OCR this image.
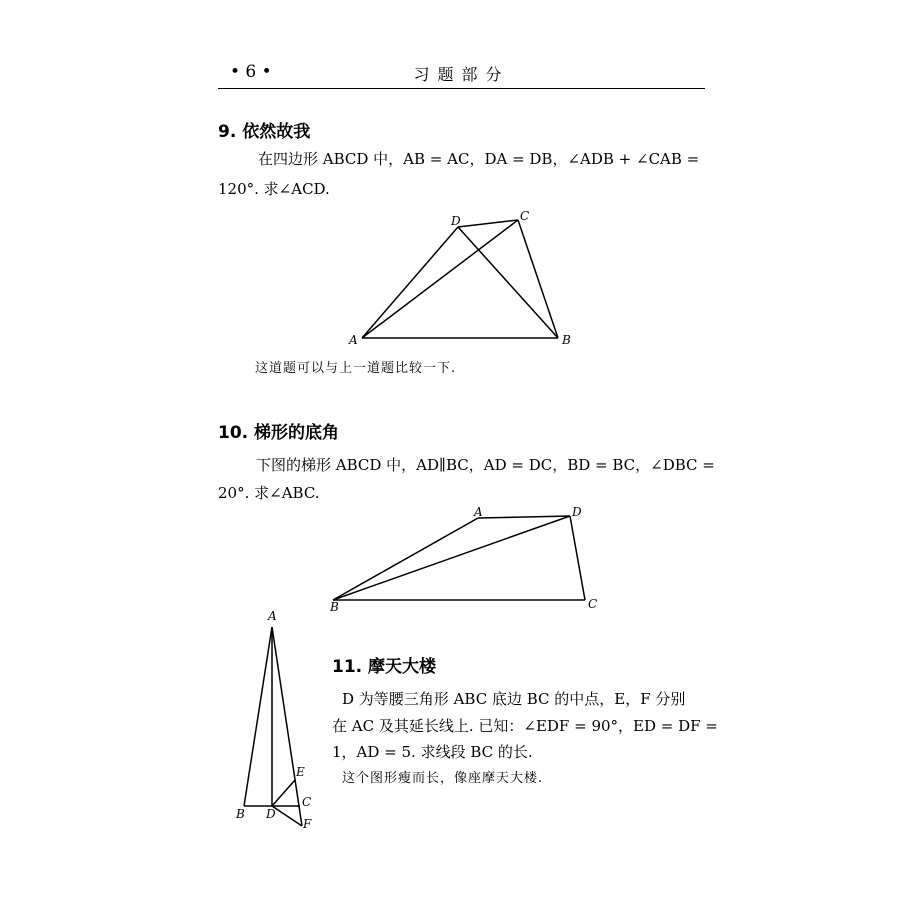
• 6 •	习题部分
9. 依然故我
在四边形 ABCD 中，AB = AC，DA = DB，∠ADB + ∠CAB =
120°. 求∠ACD.
A	B
C
D
这道题可以与上一道题比较一下.
10. 梯形的底角
下图的梯形 ABCD 中，AD∥BC，AD = DC，BD = BC，∠DBC =
20°. 求∠ABC.
B	C
A	D
A
B D
E
C
F
11. 摩天大楼
D 为等腰三角形 ABC 底边 BC 的中点，E，F 分别
在 AC 及其延长线上. 已知：∠EDF = 90°，ED = DF =
1，AD = 5. 求线段 BC 的长.
这个图形瘦而长，像座摩天大楼.
